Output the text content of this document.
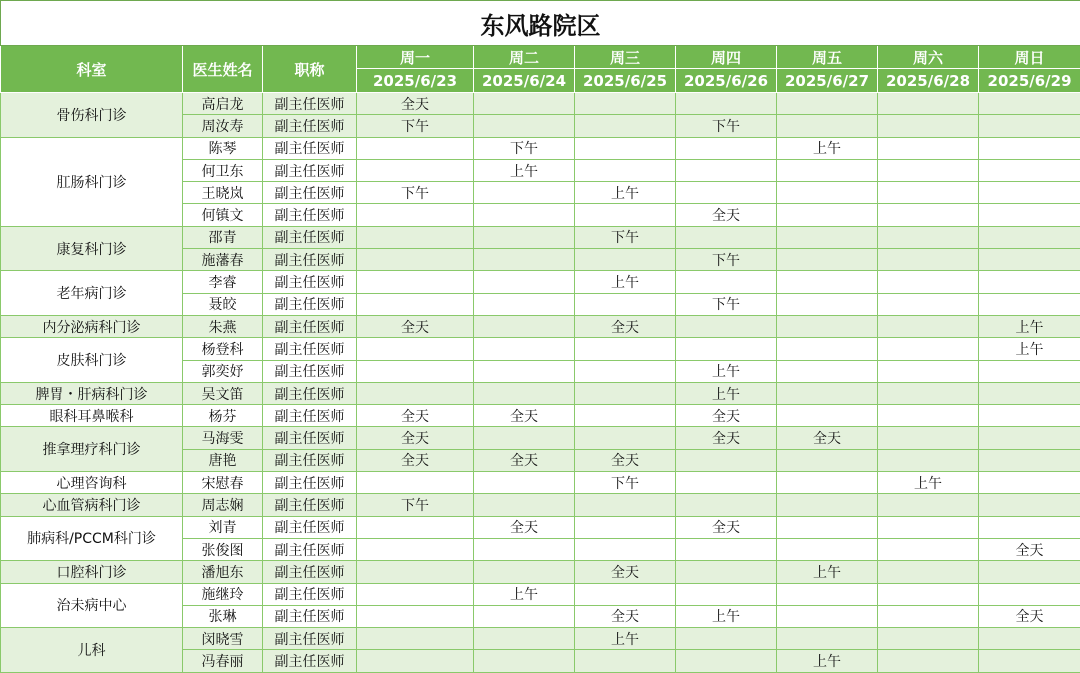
东风路院区									
科室	医生姓名	职称	周一	周二	周三	周四	周五	周六	周日
			2025/6/23	2025/6/24	2025/6/25	2025/6/26	2025/6/27	2025/6/28	2025/6/29
骨伤科门诊	高启龙	副主任医师	全天						
	周汝寿	副主任医师	下午			下午			
肛肠科门诊	陈琴	副主任医师		下午			上午		
	何卫东	副主任医师		上午					
	王晓岚	副主任医师	下午		上午				
	何镇文	副主任医师				全天			
康复科门诊	邵青	副主任医师			下午				
	施藩春	副主任医师				下午			
老年病门诊	李睿	副主任医师			上午				
	聂皎	副主任医师				下午			
内分泌病科门诊	朱燕	副主任医师	全天		全天				上午
皮肤科门诊	杨登科	副主任医师							上午
	郭奕妤	副主任医师				上午			
脾胃・肝病科门诊	吴文笛	副主任医师				上午			
眼科耳鼻喉科	杨芬	副主任医师	全天	全天		全天			
推拿理疗科门诊	马海雯	副主任医师	全天			全天	全天		
	唐艳	副主任医师	全天	全天	全天				
心理咨询科	宋慰春	副主任医师			下午			上午	
心血管病科门诊	周志娴	副主任医师	下午						
肺病科/PCCM科门诊	刘青	副主任医师		全天		全天			
	张俊图	副主任医师							全天
口腔科门诊	潘旭东	副主任医师			全天		上午		
治未病中心	施继玲	副主任医师		上午					
	张琳	副主任医师			全天	上午			全天
儿科	闵晓雪	副主任医师			上午				
	冯春丽	副主任医师					上午		
